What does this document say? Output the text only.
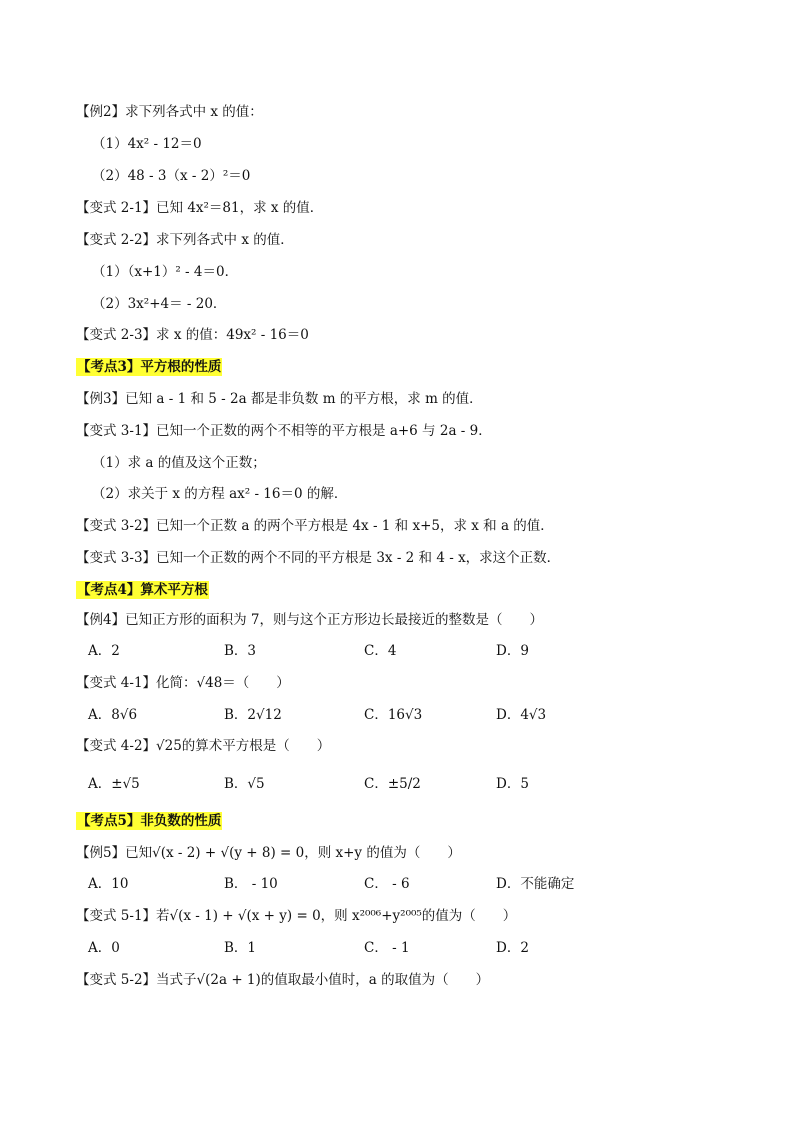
【例2】求下列各式中 x 的值：
（1）4x² - 12＝0
（2）48 - 3（x - 2）²＝0
【变式 2-1】已知 4x²＝81，求 x 的值．
【变式 2-2】求下列各式中 x 的值．
（1）（x+1）² - 4＝0．
（2）3x²+4＝ - 20．
【变式 2-3】求 x 的值：49x² - 16＝0
【考点3】平方根的性质
【例3】已知 a - 1 和 5 - 2a 都是非负数 m 的平方根，求 m 的值．
【变式 3-1】已知一个正数的两个不相等的平方根是 a+6 与 2a - 9．
（1）求 a 的值及这个正数；
（2）求关于 x 的方程 ax² - 16＝0 的解．
【变式 3-2】已知一个正数 a 的两个平方根是 4x - 1 和 x+5，求 x 和 a 的值．
【变式 3-3】已知一个正数的两个不同的平方根是 3x - 2 和 4 - x，求这个正数．
【考点4】算术平方根
【例4】已知正方形的面积为 7，则与这个正方形边长最接近的整数是（　　）
A．2	B．3	C．4	D．9
【变式 4-1】化简：√48＝（　　）
A．8√6	B．2√12	C．16√3	D．4√3
【变式 4-2】√25的算术平方根是（　　）
A．±√5	B．√5	C．±5/2	D．5
【考点5】非负数的性质
【例5】已知√(x - 2) + √(y + 8) = 0，则 x+y 的值为（　　）
A．10	B． - 10	C． - 6	D．不能确定
【变式 5-1】若√(x - 1) + √(x + y) = 0，则 x²⁰⁰⁶+y²⁰⁰⁵的值为（　　）
A．0	B．1	C． - 1	D．2
【变式 5-2】当式子√(2a + 1)的值取最小值时，a 的取值为（　　）
